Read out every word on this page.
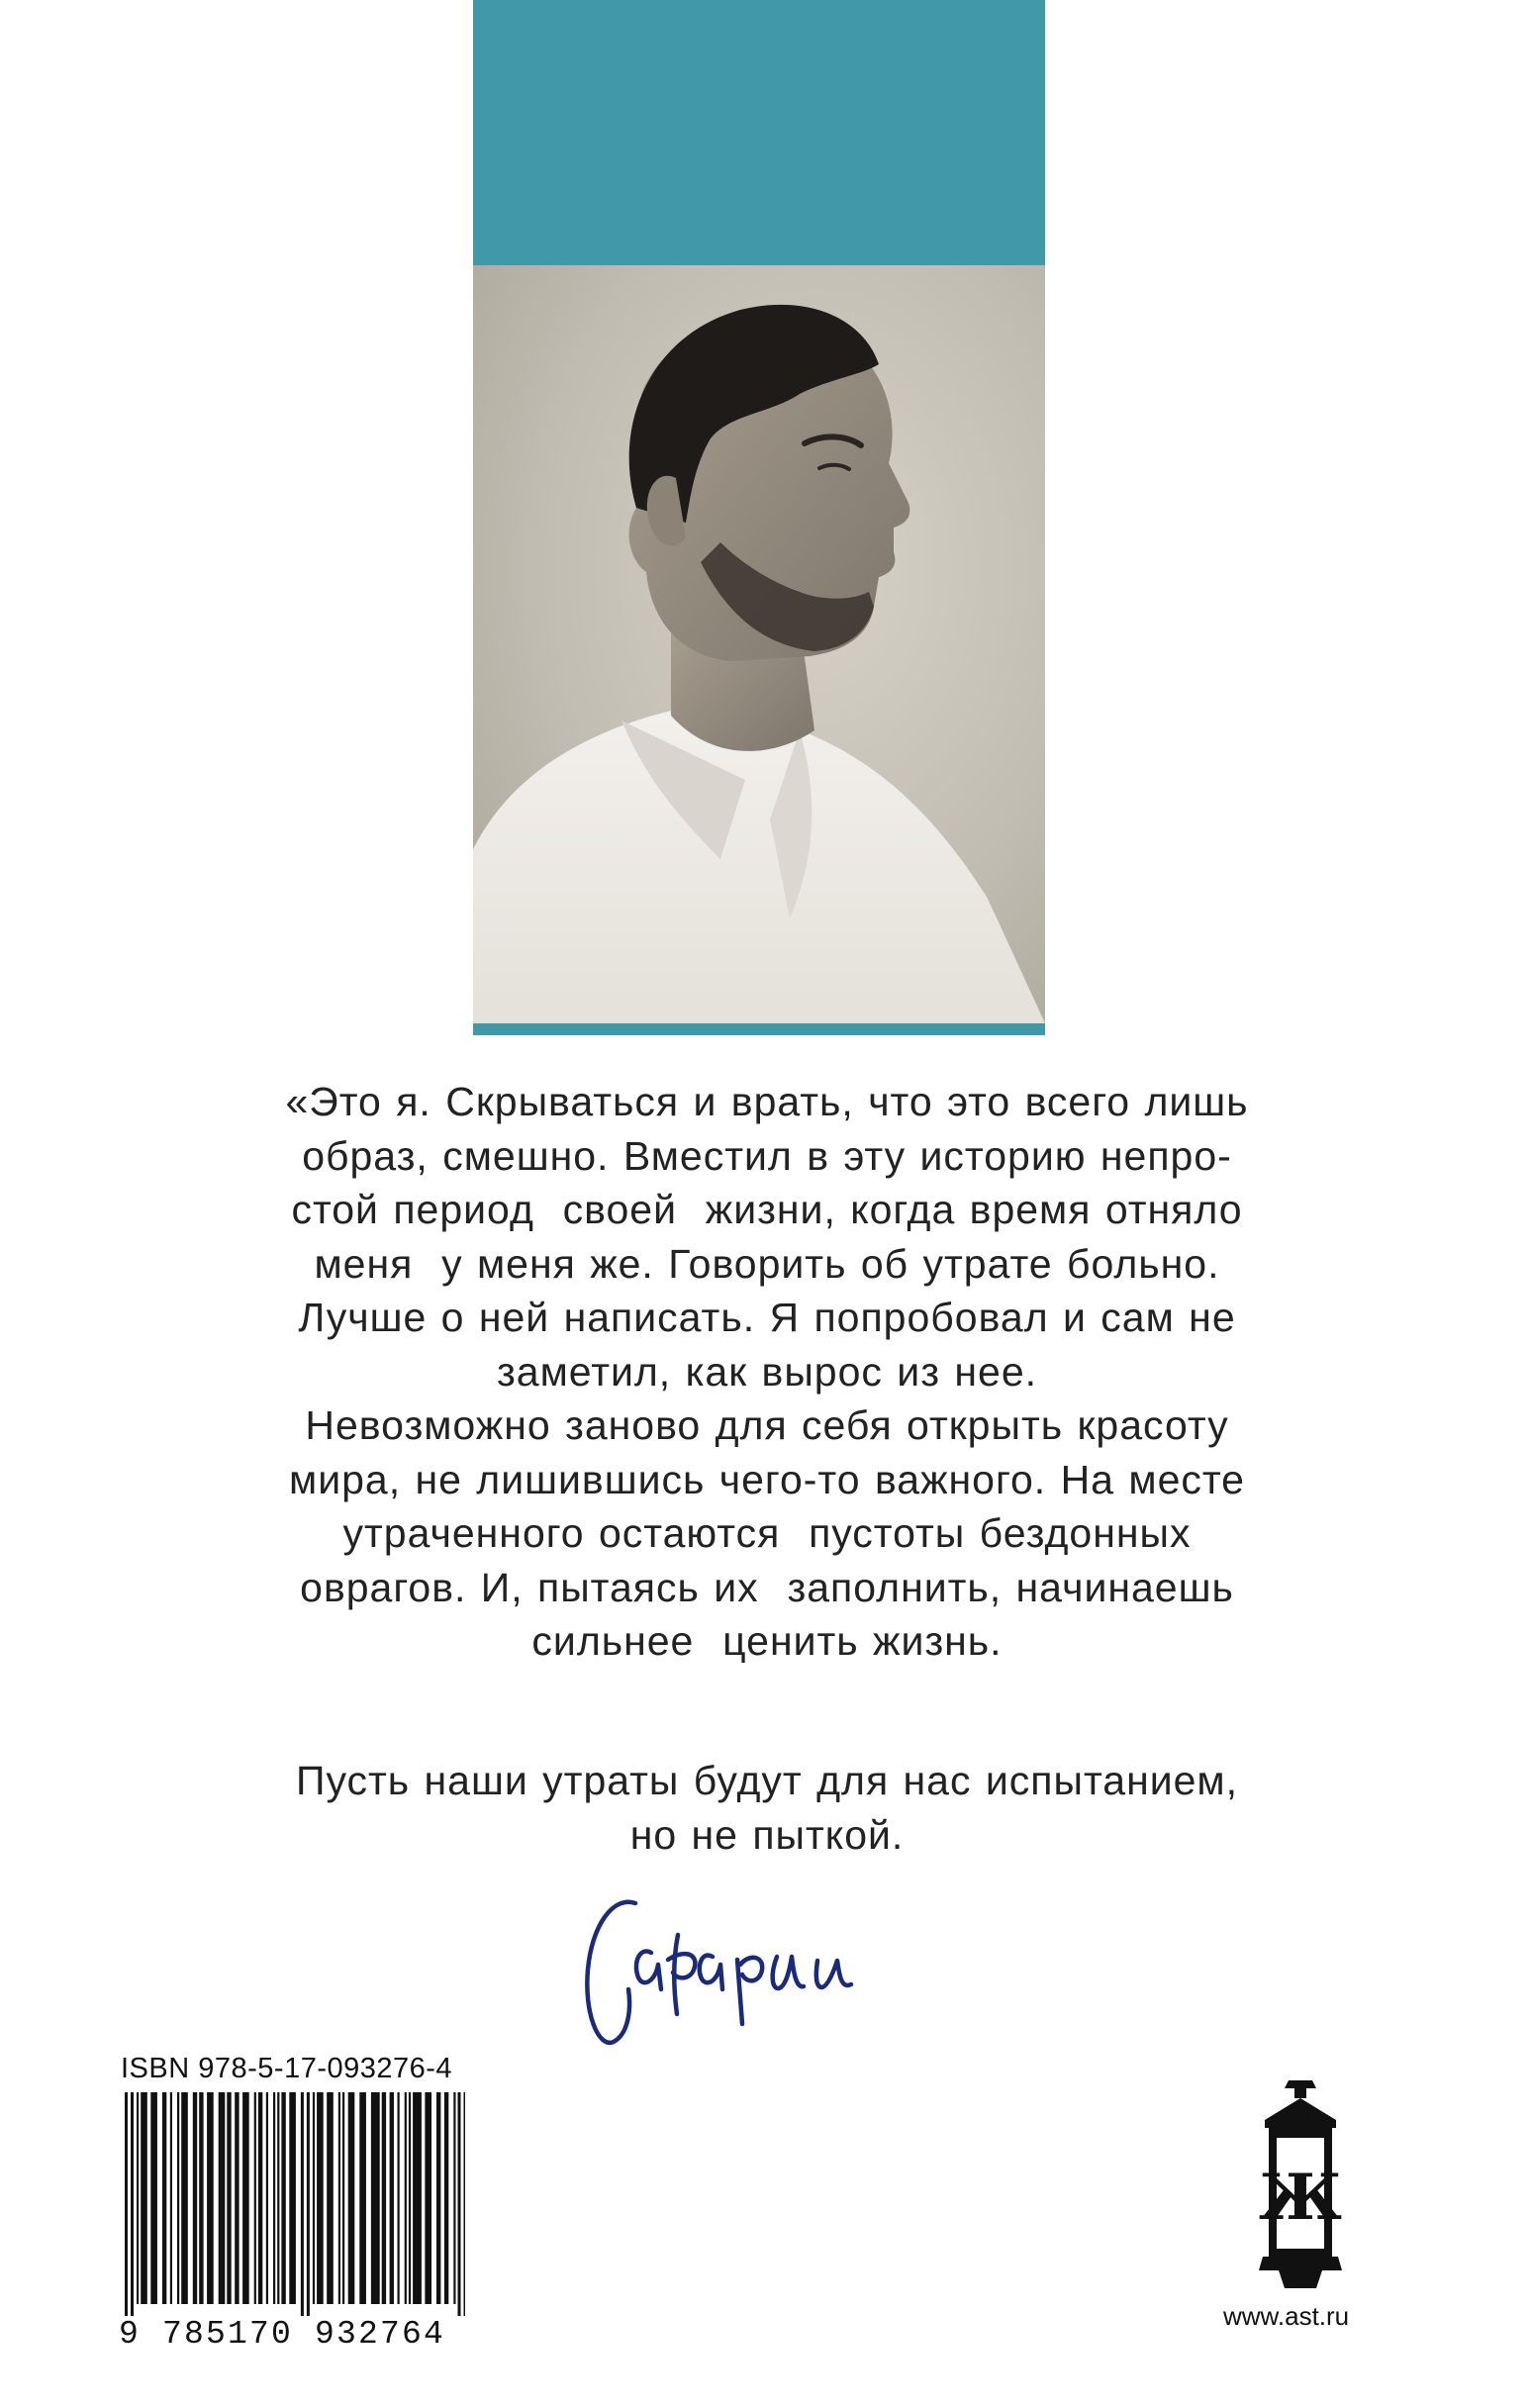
«Это я. Скрываться и врать, что это всего лишь
образ, смешно. Вместил в эту историю непро-
стой период  своей  жизни, когда время отняло
меня  у меня же. Говорить об утрате больно.
Лучше о ней написать. Я попробовал и сам не
заметил, как вырос из нее.
Невозможно заново для себя открыть красоту
мира, не лишившись чего-то важного. На месте
утраченного остаются  пустоты бездонных
оврагов. И, пытаясь их  заполнить, начинаешь
сильнее  ценить жизнь.
Пусть наши утраты будут для нас испытанием,
но не пыткой.
Сафарли
ISBN 978-5-17-093276-4
9 785170 932764
Ж
www.ast.ru
